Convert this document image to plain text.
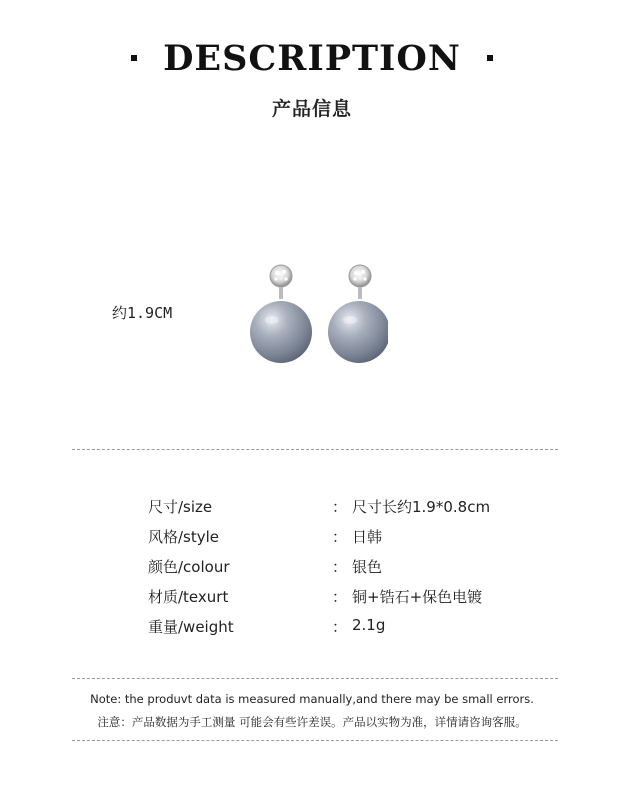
DESCRIPTION
产品信息
约1.9CM
尺寸/size	： 尺寸长约1.9*0.8cm
风格/style	： 日韩
颜色/colour	： 银色
材质/texurt	： 铜+锆石+保色电镀
重量/weight	： 2.1g
Note: the produvt data is measured manually,and there may be small errors.
注意：产品数据为手工测量 可能会有些许差误。产品以实物为准，详情请咨询客服。
